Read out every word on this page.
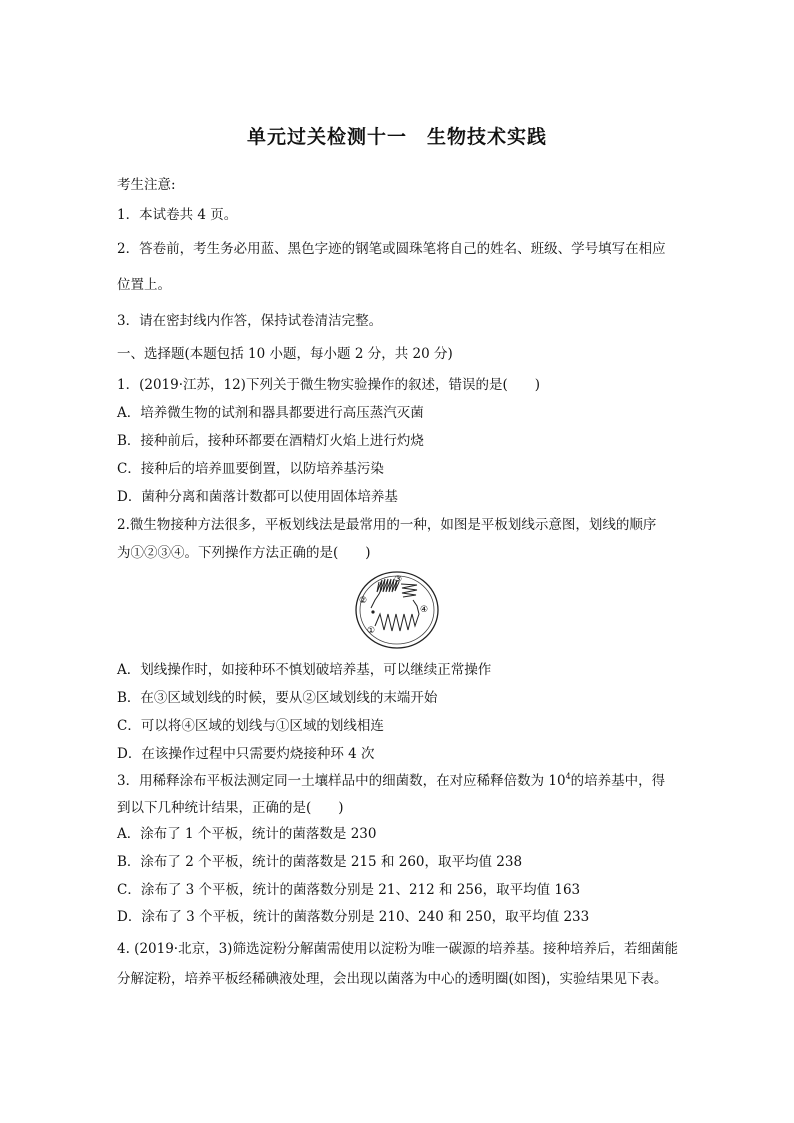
单元过关检测十一　生物技术实践
考生注意:
1．本试卷共 4 页。
2．答卷前，考生务必用蓝、黑色字迹的钢笔或圆珠笔将自己的姓名、班级、学号填写在相应
位置上。
3．请在密封线内作答，保持试卷清洁完整。
一、选择题(本题包括 10 小题，每小题 2 分，共 20 分)
1．(2019·江苏，12)下列关于微生物实验操作的叙述，错误的是(　　)
A．培养微生物的试剂和器具都要进行高压蒸汽灭菌
B．接种前后，接种环都要在酒精灯火焰上进行灼烧
C．接种后的培养皿要倒置，以防培养基污染
D．菌种分离和菌落计数都可以使用固体培养基
2.微生物接种方法很多，平板划线法是最常用的一种，如图是平板划线示意图，划线的顺序
为①②③④。下列操作方法正确的是(　　)
①
②
③
④
A．划线操作时，如接种环不慎划破培养基，可以继续正常操作
B．在③区域划线的时候，要从②区域划线的末端开始
C．可以将④区域的划线与①区域的划线相连
D．在该操作过程中只需要灼烧接种环 4 次
3．用稀释涂布平板法测定同一土壤样品中的细菌数，在对应稀释倍数为 $10^4$的培养基中，得
到以下几种统计结果，正确的是(　　)
A．涂布了 1 个平板，统计的菌落数是 230
B．涂布了 2 个平板，统计的菌落数是 215 和 260，取平均值 238
C．涂布了 3 个平板，统计的菌落数分别是 21、212 和 256，取平均值 163
D．涂布了 3 个平板，统计的菌落数分别是 210、240 和 250，取平均值 233
4. (2019·北京，3)筛选淀粉分解菌需使用以淀粉为唯一碳源的培养基。接种培养后，若细菌能
分解淀粉，培养平板经稀碘液处理，会出现以菌落为中心的透明圈(如图)，实验结果见下表。
